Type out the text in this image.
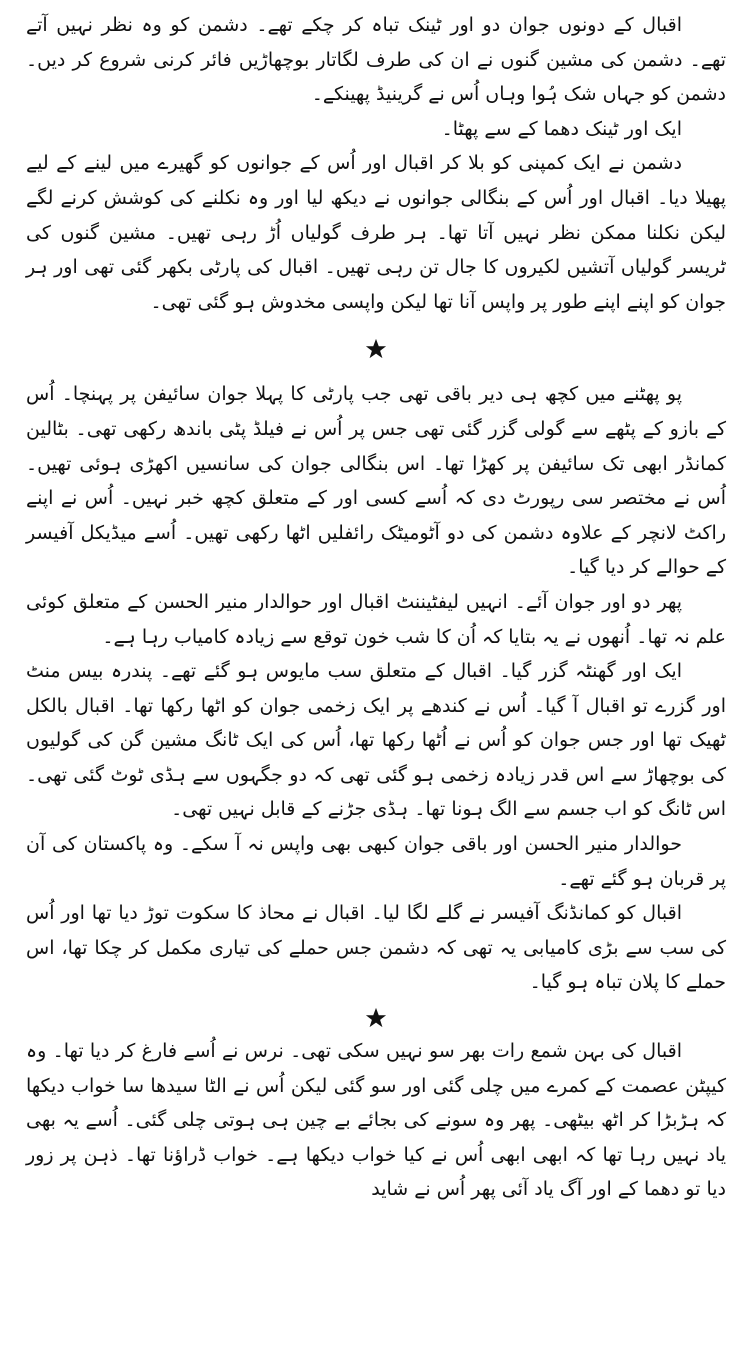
اقبال کے دونوں جوان دو اور ٹینک تباہ کر چکے تھے۔ دشمن کو وہ نظر نہیں آتے تھے۔ دشمن کی مشین گنوں نے ان کی طرف لگاتار بوچھاڑیں فائر کرنی شروع کر دیں۔ دشمن کو جہاں شک ہُوا وہاں اُس نے گرینیڈ پھینکے۔

ایک اور ٹینک دھما کے سے پھٹا۔

دشمن نے ایک کمپنی کو بلا کر اقبال اور اُس کے جوانوں کو گھیرے میں لینے کے لیے پھیلا دیا۔ اقبال اور اُس کے بنگالی جوانوں نے دیکھ لیا اور وہ نکلنے کی کوشش کرنے لگے لیکن نکلنا ممکن نظر نہیں آتا تھا۔ ہر طرف گولیاں اُڑ رہی تھیں۔ مشین گنوں کی ٹریسر گولیاں آتشیں لکیروں کا جال تن رہی تھیں۔ اقبال کی پارٹی بکھر گئی تھی اور ہر جوان کو اپنے اپنے طور پر واپس آنا تھا لیکن واپسی مخدوش ہو گئی تھی۔

پو پھٹنے میں کچھ ہی دیر باقی تھی جب پارٹی کا پہلا جوان سائیفن پر پہنچا۔ اُس کے بازو کے پٹھے سے گولی گزر گئی تھی جس پر اُس نے فیلڈ پٹی باندھ رکھی تھی۔ بٹالین کمانڈر ابھی تک سائیفن پر کھڑا تھا۔ اس بنگالی جوان کی سانسیں اکھڑی ہوئی تھیں۔ اُس نے مختصر سی رپورٹ دی کہ اُسے کسی اور کے متعلق کچھ خبر نہیں۔ اُس نے اپنے راکٹ لانچر کے علاوہ دشمن کی دو آٹومیٹک رائفلیں اٹھا رکھی تھیں۔ اُسے میڈیکل آفیسر کے حوالے کر دیا گیا۔

پھر دو اور جوان آئے۔ انہیں لیفٹیننٹ اقبال اور حوالدار منیر الحسن کے متعلق کوئی علم نہ تھا۔ اُنھوں نے یہ بتایا کہ اُن کا شب خون توقع سے زیادہ کامیاب رہا ہے۔

ایک اور گھنٹہ گزر گیا۔ اقبال کے متعلق سب مایوس ہو گئے تھے۔ پندرہ بیس منٹ اور گزرے تو اقبال آ گیا۔ اُس نے کندھے پر ایک زخمی جوان کو اٹھا رکھا تھا۔ اقبال بالکل ٹھیک تھا اور جس جوان کو اُس نے اُٹھا رکھا تھا، اُس کی ایک ٹانگ مشین گن کی گولیوں کی بوچھاڑ سے اس قدر زیادہ زخمی ہو گئی تھی کہ دو جگہوں سے ہڈی ٹوٹ گئی تھی۔ اس ٹانگ کو اب جسم سے الگ ہونا تھا۔ ہڈی جڑنے کے قابل نہیں تھی۔

حوالدار منیر الحسن اور باقی جوان کبھی بھی واپس نہ آ سکے۔ وہ پاکستان کی آن پر قربان ہو گئے تھے۔

اقبال کو کمانڈنگ آفیسر نے گلے لگا لیا۔ اقبال نے محاذ کا سکوت توڑ دیا تھا اور اُس کی سب سے بڑی کامیابی یہ تھی کہ دشمن جس حملے کی تیاری مکمل کر چکا تھا، اس حملے کا پلان تباہ ہو گیا۔

اقبال کی بہن شمع رات بھر سو نہیں سکی تھی۔ نرس نے اُسے فارغ کر دیا تھا۔ وہ کیپٹن عصمت کے کمرے میں چلی گئی اور سو گئی لیکن اُس نے الٹا سیدھا سا خواب دیکھا کہ ہڑبڑا کر اٹھ بیٹھی۔ پھر وہ سونے کی بجائے بے چین ہی ہوتی چلی گئی۔ اُسے یہ بھی یاد نہیں رہا تھا کہ ابھی ابھی اُس نے کیا خواب دیکھا ہے۔ خواب ڈراؤنا تھا۔ ذہن پر زور دیا تو دھما کے اور آگ یاد آئی پھر اُس نے شاید
